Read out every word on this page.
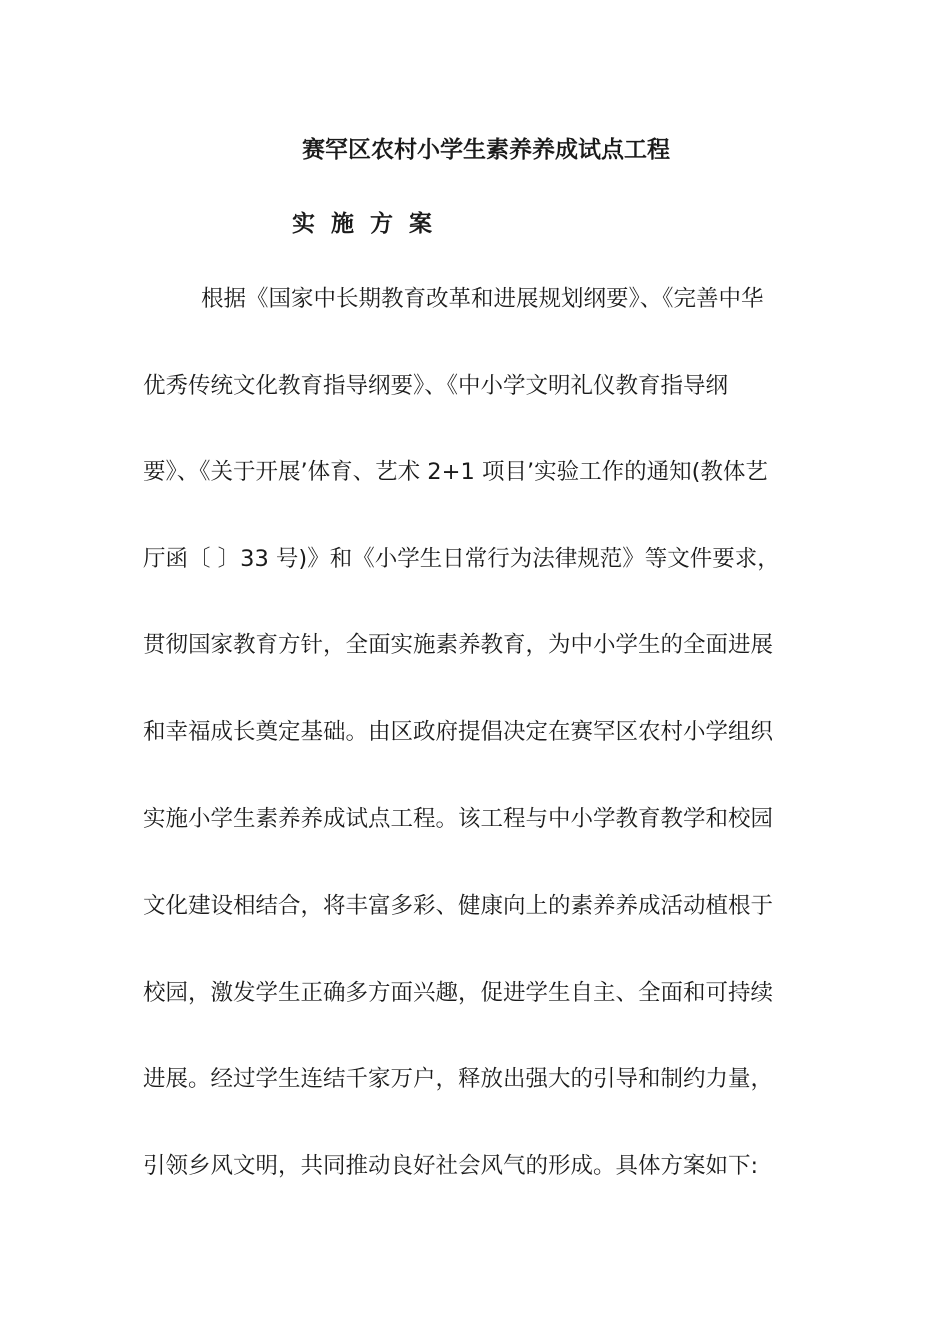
赛罕区农村小学生素养养成试点工程
实 施 方 案
根据《国家中长期教育改革和进展规划纲要》、《完善中华
优秀传统文化教育指导纲要》、《中小学文明礼仪教育指导纲
要》、《关于开展’体育、艺术 2+1 项目’实验工作的通知(教体艺
厅函〔 〕33 号)》和《小学生日常行为法律规范》等文件要求，
贯彻国家教育方针，全面实施素养教育，为中小学生的全面进展
和幸福成长奠定基础。由区政府提倡决定在赛罕区农村小学组织
实施小学生素养养成试点工程。该工程与中小学教育教学和校园
文化建设相结合，将丰富多彩、健康向上的素养养成活动植根于
校园，激发学生正确多方面兴趣，促进学生自主、全面和可持续
进展。经过学生连结千家万户，释放出强大的引导和制约力量，
引领乡风文明，共同推动良好社会风气的形成。具体方案如下:
